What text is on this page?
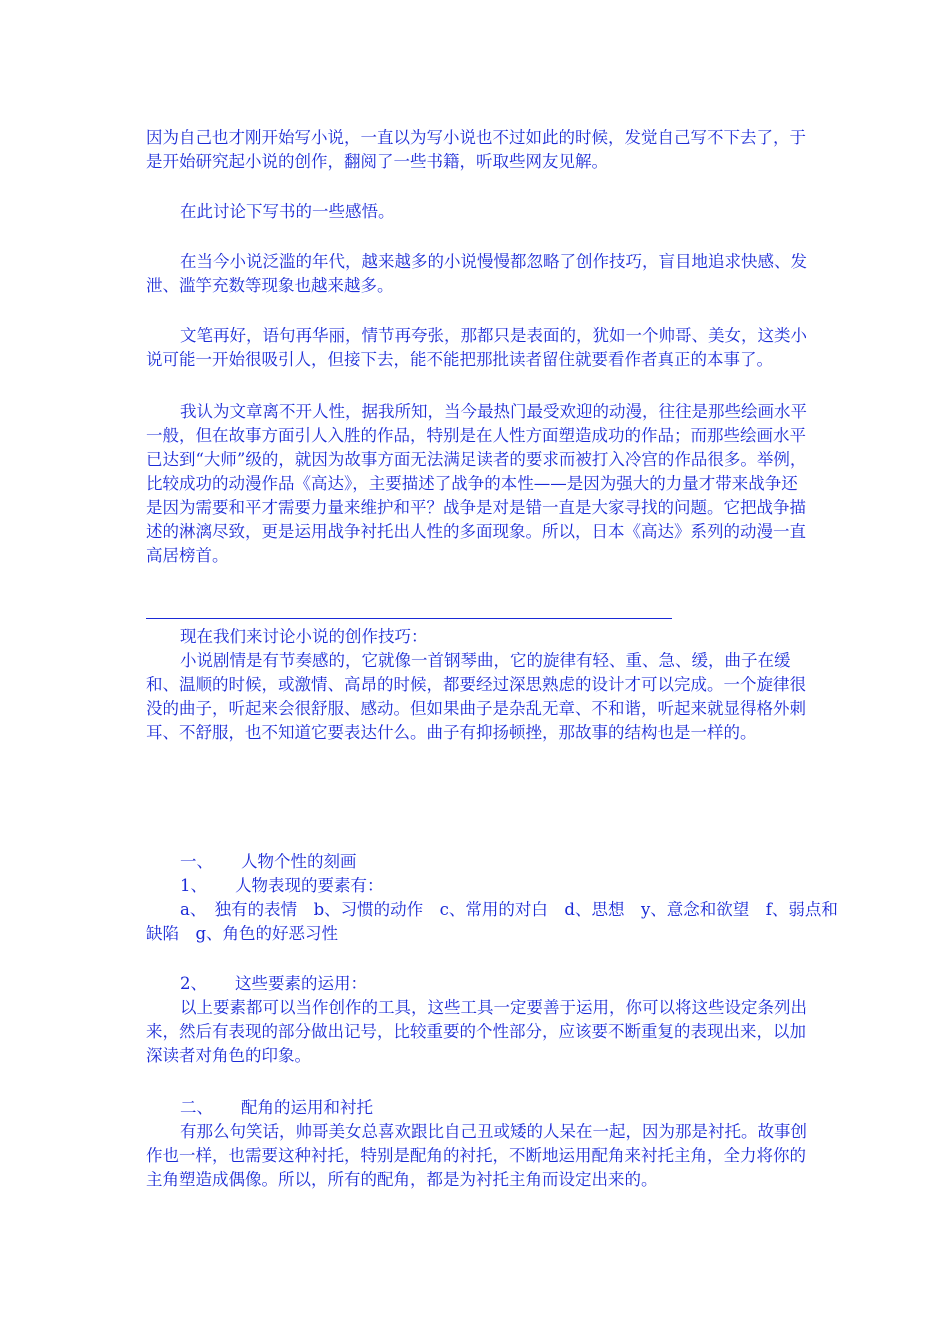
因为自己也才刚开始写小说，一直以为写小说也不过如此的时候，发觉自己写不下去了，于是开始研究起小说的创作，翻阅了一些书籍，听取些网友见解。

在此讨论下写书的一些感悟。

在当今小说泛滥的年代，越来越多的小说慢慢都忽略了创作技巧，盲目地追求快感、发泄、滥竽充数等现象也越来越多。

文笔再好，语句再华丽，情节再夸张，那都只是表面的，犹如一个帅哥、美女，这类小说可能一开始很吸引人，但接下去，能不能把那批读者留住就要看作者真正的本事了。

我认为文章离不开人性，据我所知，当今最热门最受欢迎的动漫，往往是那些绘画水平一般，但在故事方面引人入胜的作品，特别是在人性方面塑造成功的作品；而那些绘画水平已达到“大师”级的，就因为故事方面无法满足读者的要求而被打入冷宫的作品很多。举例，比较成功的动漫作品《高达》，主要描述了战争的本性——是因为强大的力量才带来战争还是因为需要和平才需要力量来维护和平？战争是对是错一直是大家寻找的问题。它把战争描述的淋漓尽致，更是运用战争衬托出人性的多面现象。所以，日本《高达》系列的动漫一直高居榜首。

现在我们来讨论小说的创作技巧：

小说剧情是有节奏感的，它就像一首钢琴曲，它的旋律有轻、重、急、缓，曲子在缓和、温顺的时候，或激情、高昂的时候，都要经过深思熟虑的设计才可以完成。一个旋律很没的曲子，听起来会很舒服、感动。但如果曲子是杂乱无章、不和谐，听起来就显得格外刺耳、不舒服，也不知道它要表达什么。曲子有抑扬顿挫，那故事的结构也是一样的。

一、 人物个性的刻画
1、 人物表现的要素有：
a、　独有的表情　b、习惯的动作　c、常用的对白　d、思想　y、意念和欲望　f、弱点和
缺陷　g、角色的好恶习性
2、 这些要素的运用：

以上要素都可以当作创作的工具，这些工具一定要善于运用，你可以将这些设定条列出来，然后有表现的部分做出记号，比较重要的个性部分，应该要不断重复的表现出来，以加深读者对角色的印象。

二、 配角的运用和衬托

有那么句笑话，帅哥美女总喜欢跟比自己丑或矮的人呆在一起，因为那是衬托。故事创作也一样，也需要这种衬托，特别是配角的衬托，不断地运用配角来衬托主角，全力将你的主角塑造成偶像。所以，所有的配角，都是为衬托主角而设定出来的。
